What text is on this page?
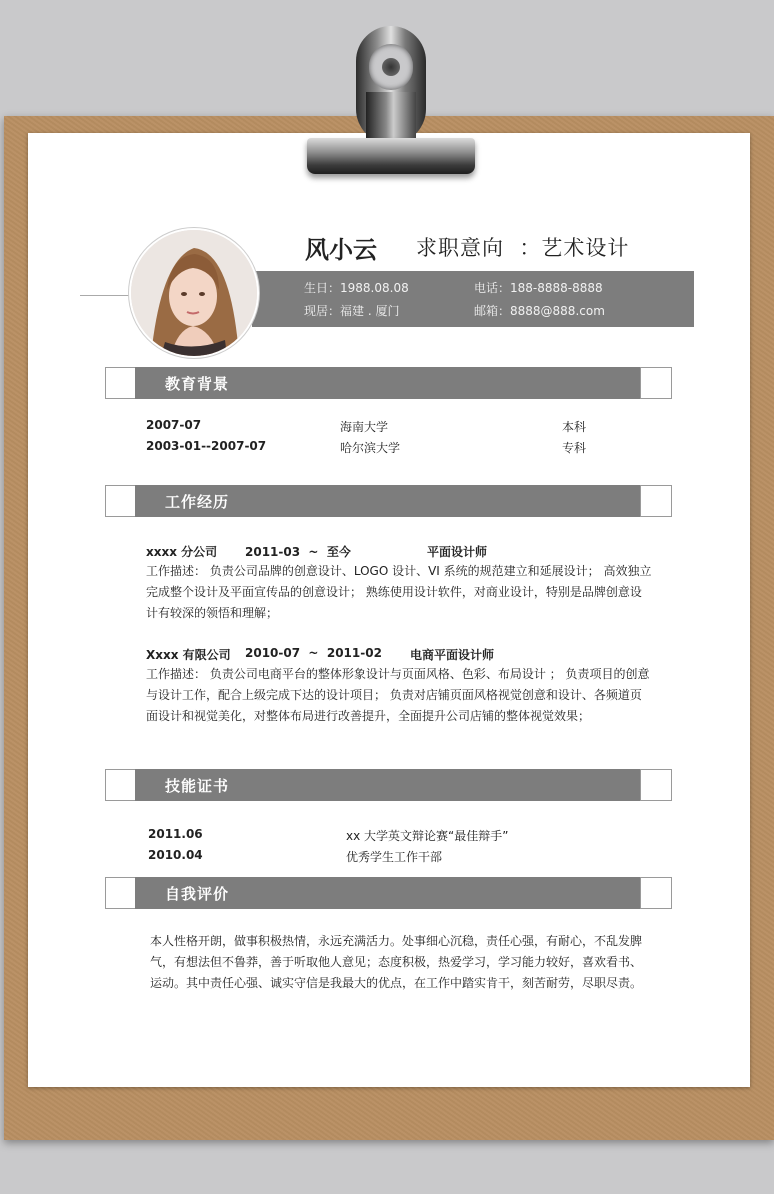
风小云 求职意向  ：艺术设计
生日：1988.08.08	电话：188-8888-8888
现居：福建 . 厦门	邮箱：8888@888.com
教育背景
2007-07	海南大学	本科
2003-01--2007-07	哈尔滨大学	专科
工作经历
xxxx 分公司 2011-03  ~  至今	平面设计师
工作描述： 负责公司品牌的创意设计、LOGO 设计、VI 系统的规范建立和延展设计； 高效独立完成整个设计及平面宣传品的创意设计； 熟练使用设计软件，对商业设计，特别是品牌创意设计有较深的领悟和理解；
Xxxx 有限公司 2010-07  ~  2011-02 电商平面设计师
工作描述： 负责公司电商平台的整体形象设计与页面风格、色彩、布局设计 ； 负责项目的创意与设计工作，配合上级完成下达的设计项目； 负责对店铺页面风格视觉创意和设计、各频道页面设计和视觉美化，对整体布局进行改善提升，全面提升公司店铺的整体视觉效果；
技能证书
2011.06	xx 大学英文辩论赛“最佳辩手”
2010.04	优秀学生工作干部
自我评价
本人性格开朗，做事积极热情，永远充满活力。处事细心沉稳，责任心强，有耐心，不乱发脾气，有想法但不鲁莽，善于听取他人意见；态度积极，热爱学习，学习能力较好，喜欢看书、运动。其中责任心强、诚实守信是我最大的优点，在工作中踏实肯干，刻苦耐劳，尽职尽责。
